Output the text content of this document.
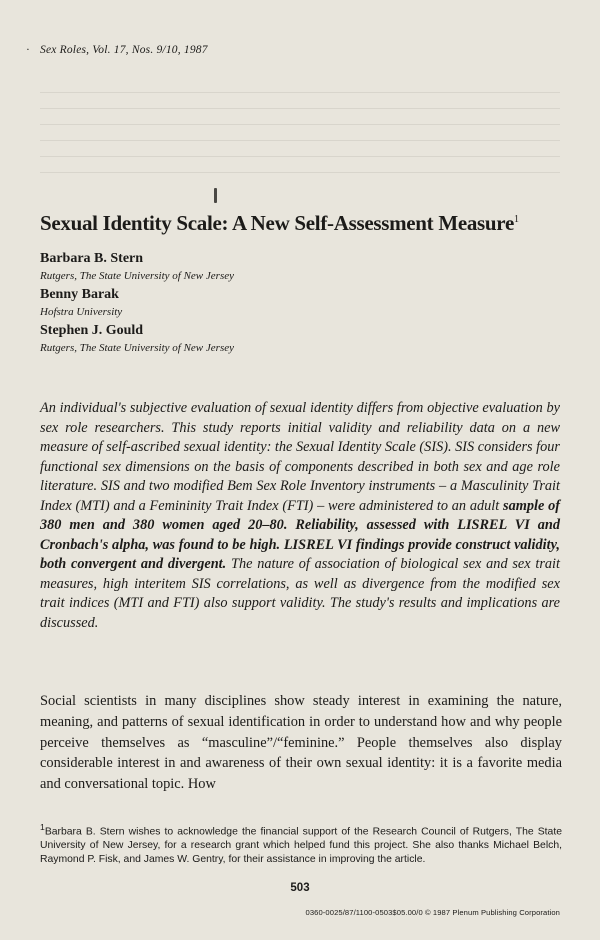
· Sex Roles, Vol. 17, Nos. 9/10, 1987
Sexual Identity Scale: A New Self-Assessment Measure$^1$
Barbara B. Stern
Rutgers, The State University of New Jersey
Benny Barak
Hofstra University
Stephen J. Gould
Rutgers, The State University of New Jersey

An individual's subjective evaluation of sexual identity differs from objective evaluation by sex role researchers. This study reports initial validity and reliability data on a new measure of self-ascribed sexual identity: the Sexual Identity Scale (SIS). SIS considers four functional sex dimensions on the basis of components described in both sex and age role literature. SIS and two modified Bem Sex Role Inventory instruments – a Masculinity Trait Index (MTI) and a Femininity Trait Index (FTI) – were administered to an adult sample of 380 men and 380 women aged 20–80. Reliability, assessed with LISREL VI and Cronbach's alpha, was found to be high. LISREL VI findings provide construct validity, both convergent and divergent. The nature of association of biological sex and sex trait measures, high interitem SIS correlations, as well as divergence from the modified sex trait indices (MTI and FTI) also support validity. The study's results and implications are discussed.

Social scientists in many disciplines show steady interest in examining the nature, meaning, and patterns of sexual identification in order to understand how and why people perceive themselves as “masculine”/“feminine.” People themselves also display considerable interest in and awareness of their own sexual identity: it is a favorite media and conversational topic. How

$^1$Barbara B. Stern wishes to acknowledge the financial support of the Research Council of Rutgers, The State University of New Jersey, for a research grant which helped fund this project. She also thanks Michael Belch, Raymond P. Fisk, and James W. Gentry, for their assistance in improving the article.

503
0360-0025/87/1100-0503$05.00/0 © 1987 Plenum Publishing Corporation
